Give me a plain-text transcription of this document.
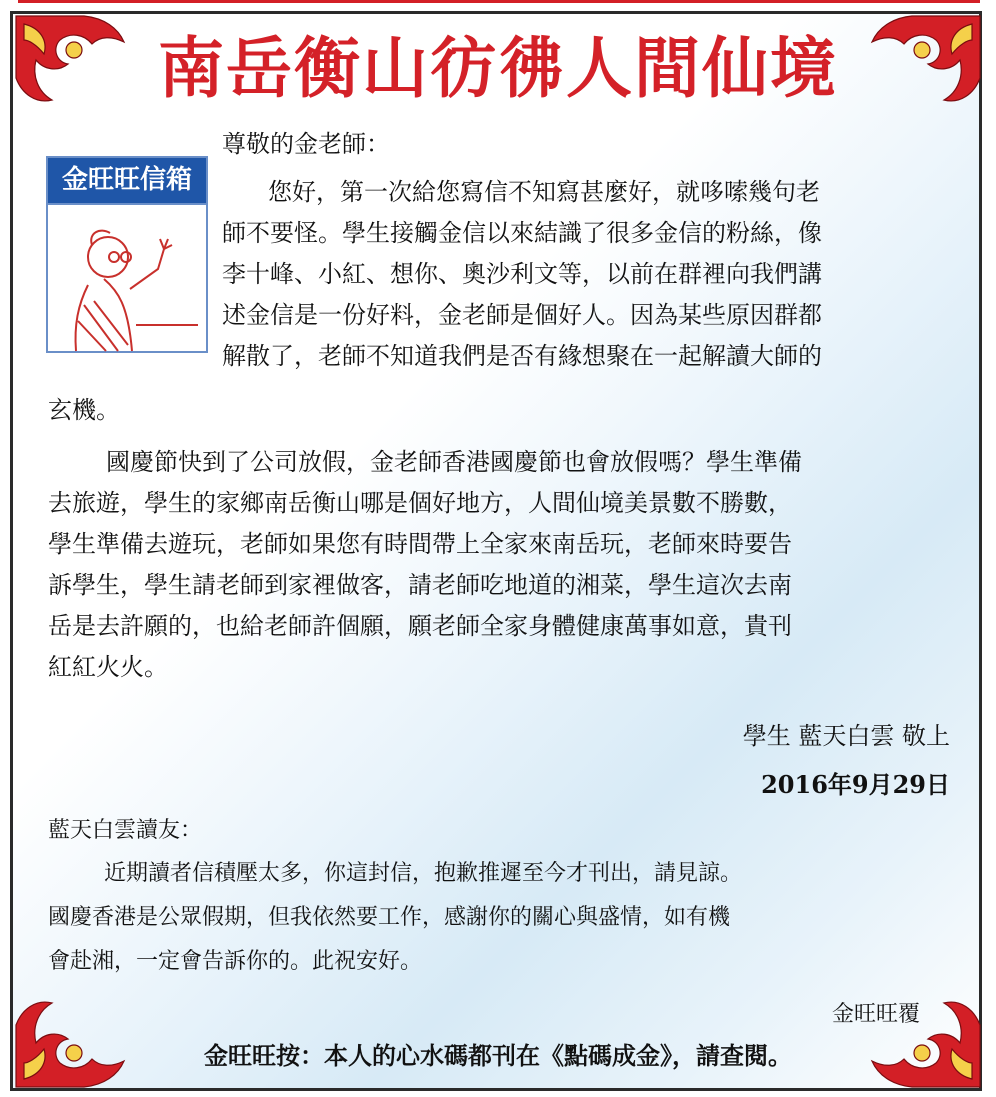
南岳衡山彷彿人間仙境
金旺旺信箱
尊敬的金老師：
您好，第一次給您寫信不知寫甚麼好，就哆嗦幾句老
師不要怪。學生接觸金信以來結識了很多金信的粉絲，像
李十峰、小紅、想你、奧沙利文等，以前在群裡向我們講
述金信是一份好料，金老師是個好人。因為某些原因群都
解散了，老師不知道我們是否有緣想聚在一起解讀大師的
玄機。
國慶節快到了公司放假，金老師香港國慶節也會放假嗎？學生準備
去旅遊，學生的家鄉南岳衡山哪是個好地方，人間仙境美景數不勝數，
學生準備去遊玩，老師如果您有時間帶上全家來南岳玩，老師來時要告
訴學生，學生請老師到家裡做客，請老師吃地道的湘菜，學生這次去南
岳是去許願的，也給老師許個願，願老師全家身體健康萬事如意，貴刊
紅紅火火。
學生 藍天白雲 敬上
2016年9月29日
藍天白雲讀友：
近期讀者信積壓太多，你這封信，抱歉推遲至今才刊出，請見諒。
國慶香港是公眾假期，但我依然要工作，感謝你的關心與盛情，如有機
會赴湘，一定會告訴你的。此祝安好。
金旺旺覆
金旺旺按：本人的心水碼都刊在《點碼成金》，請查閱。
